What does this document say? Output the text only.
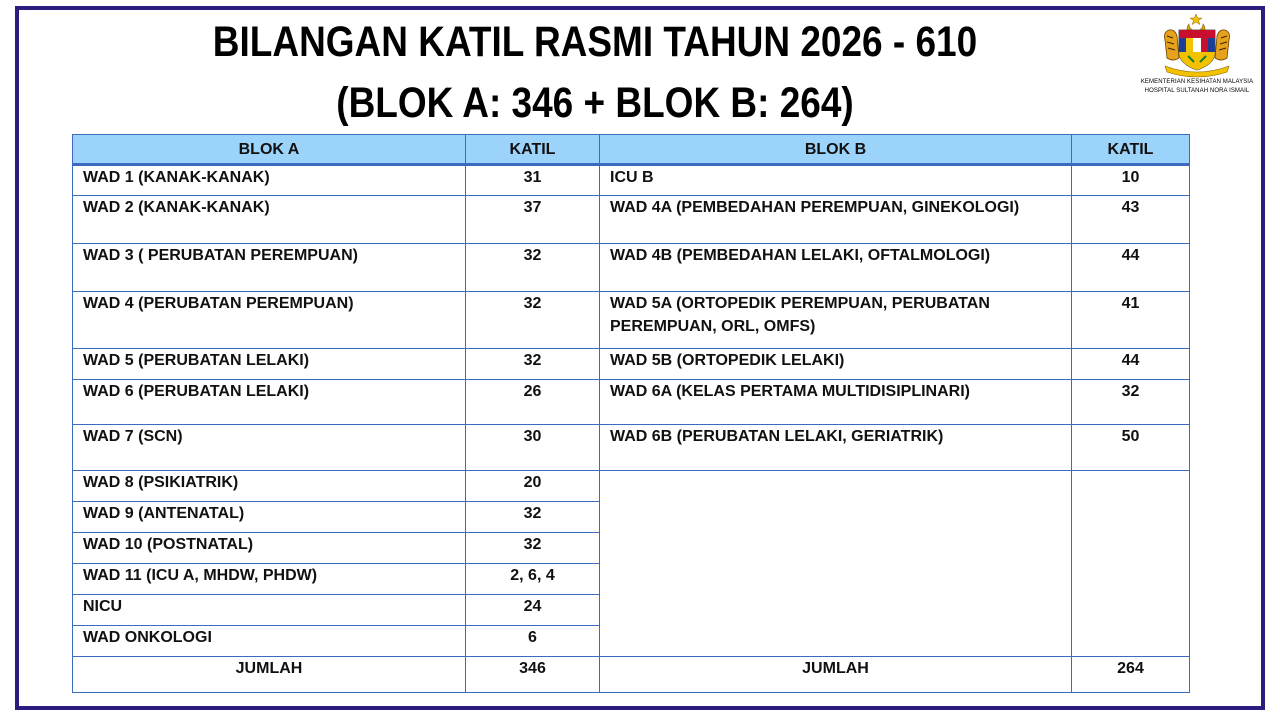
BILANGAN KATIL RASMI TAHUN 2026 - 610
(BLOK A: 346 + BLOK B: 264)	KEMENTERIAN KESIHATAN MALAYSIA
HOSPITAL SULTANAH NORA ISMAIL
BLOK A	KATIL	BLOK B	KATIL
WAD 1 (KANAK-KANAK)	31	ICU B	10
WAD 2 (KANAK-KANAK)	37	WAD 4A (PEMBEDAHAN PEREMPUAN, GINEKOLOGI)	43
WAD 3 ( PERUBATAN PEREMPUAN)	32	WAD 4B (PEMBEDAHAN LELAKI, OFTALMOLOGI)	44
WAD 4 (PERUBATAN PEREMPUAN)	32	WAD 5A (ORTOPEDIK PEREMPUAN, PERUBATAN PEREMPUAN, ORL, OMFS)	41
WAD 5 (PERUBATAN LELAKI)	32	WAD 5B (ORTOPEDIK LELAKI)	44
WAD 6 (PERUBATAN LELAKI)	26	WAD 6A (KELAS PERTAMA MULTIDISIPLINARI)	32
WAD 7 (SCN)	30	WAD 6B (PERUBATAN LELAKI, GERIATRIK)	50
WAD 8 (PSIKIATRIK)	20		
WAD 9 (ANTENATAL)	32		
WAD 10 (POSTNATAL)	32		
WAD 11 (ICU A, MHDW, PHDW)	2, 6, 4		
NICU	24		
WAD ONKOLOGI	6		
JUMLAH	346	JUMLAH	264
